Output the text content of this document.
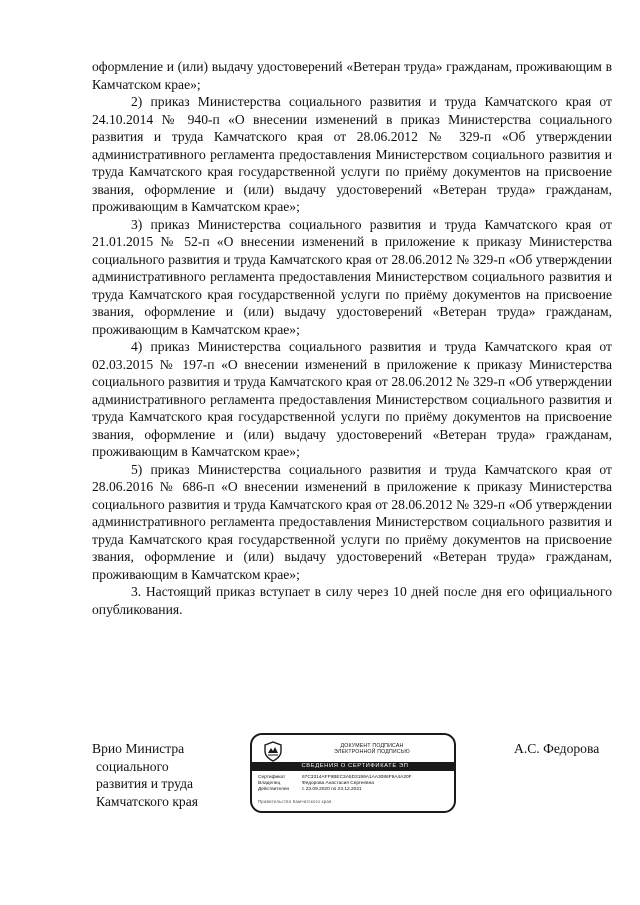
оформление и (или) выдачу удостоверений «Ветеран труда» гражданам, проживающим в Камчатском крае»;

2) приказ Министерства социального развития и труда Камчатского края от 24.10.2014 № 940-п «О внесении изменений в приказ Министерства социального развития и труда Камчатского края от 28.06.2012 № 329-п «Об утверждении административного регламента предоставления Министерством социального развития и труда Камчатского края государственной услуги по приёму документов на присвоение звания, оформление и (или) выдачу удостоверений «Ветеран труда» гражданам, проживающим в Камчатском крае»;

3) приказ Министерства социального развития и труда Камчатского края от 21.01.2015 № 52-п «О внесении изменений в приложение к приказу Министерства социального развития и труда Камчатского края от 28.06.2012 № 329-п «Об утверждении административного регламента предоставления Министерством социального развития и труда Камчатского края государственной услуги по приёму документов на присвоение звания, оформление и (или) выдачу удостоверений «Ветеран труда» гражданам, проживающим в Камчатском крае»;

4) приказ Министерства социального развития и труда Камчатского края от 02.03.2015 № 197-п «О внесении изменений в приложение к приказу Министерства социального развития и труда Камчатского края от 28.06.2012 № 329-п «Об утверждении административного регламента предоставления Министерством социального развития и труда Камчатского края государственной услуги по приёму документов на присвоение звания, оформление и (или) выдачу удостоверений «Ветеран труда» гражданам, проживающим в Камчатском крае»;

5) приказ Министерства социального развития и труда Камчатского края от 28.06.2016 № 686-п «О внесении изменений в приложение к приказу Министерства социального развития и труда Камчатского края от 28.06.2012 № 329-п «Об утверждении административного регламента предоставления Министерством социального развития и труда Камчатского края государственной услуги по приёму документов на присвоение звания, оформление и (или) выдачу удостоверений «Ветеран труда» гражданам, проживающим в Камчатском крае»;

3. Настоящий приказ вступает в силу через 10 дней после дня его официального опубликования.

Врио Министра
социального
развития и труда
Камчатского края
ДОКУМЕНТ ПОДПИСАН
ЭЛЕКТРОННОЙ ПОДПИСЬЮ
СВЕДЕНИЯ О СЕРТИФИКАТЕ ЭП
Сертификат	67C3314AFF9BEC3A5D3199A1AA3086F9A4A20F
Владелец	Федорова Анастасия Сергеевна
Действителен	с 23.09.2020 по 23.12.2021
Правительство Камчатского края
А.С. Федорова
